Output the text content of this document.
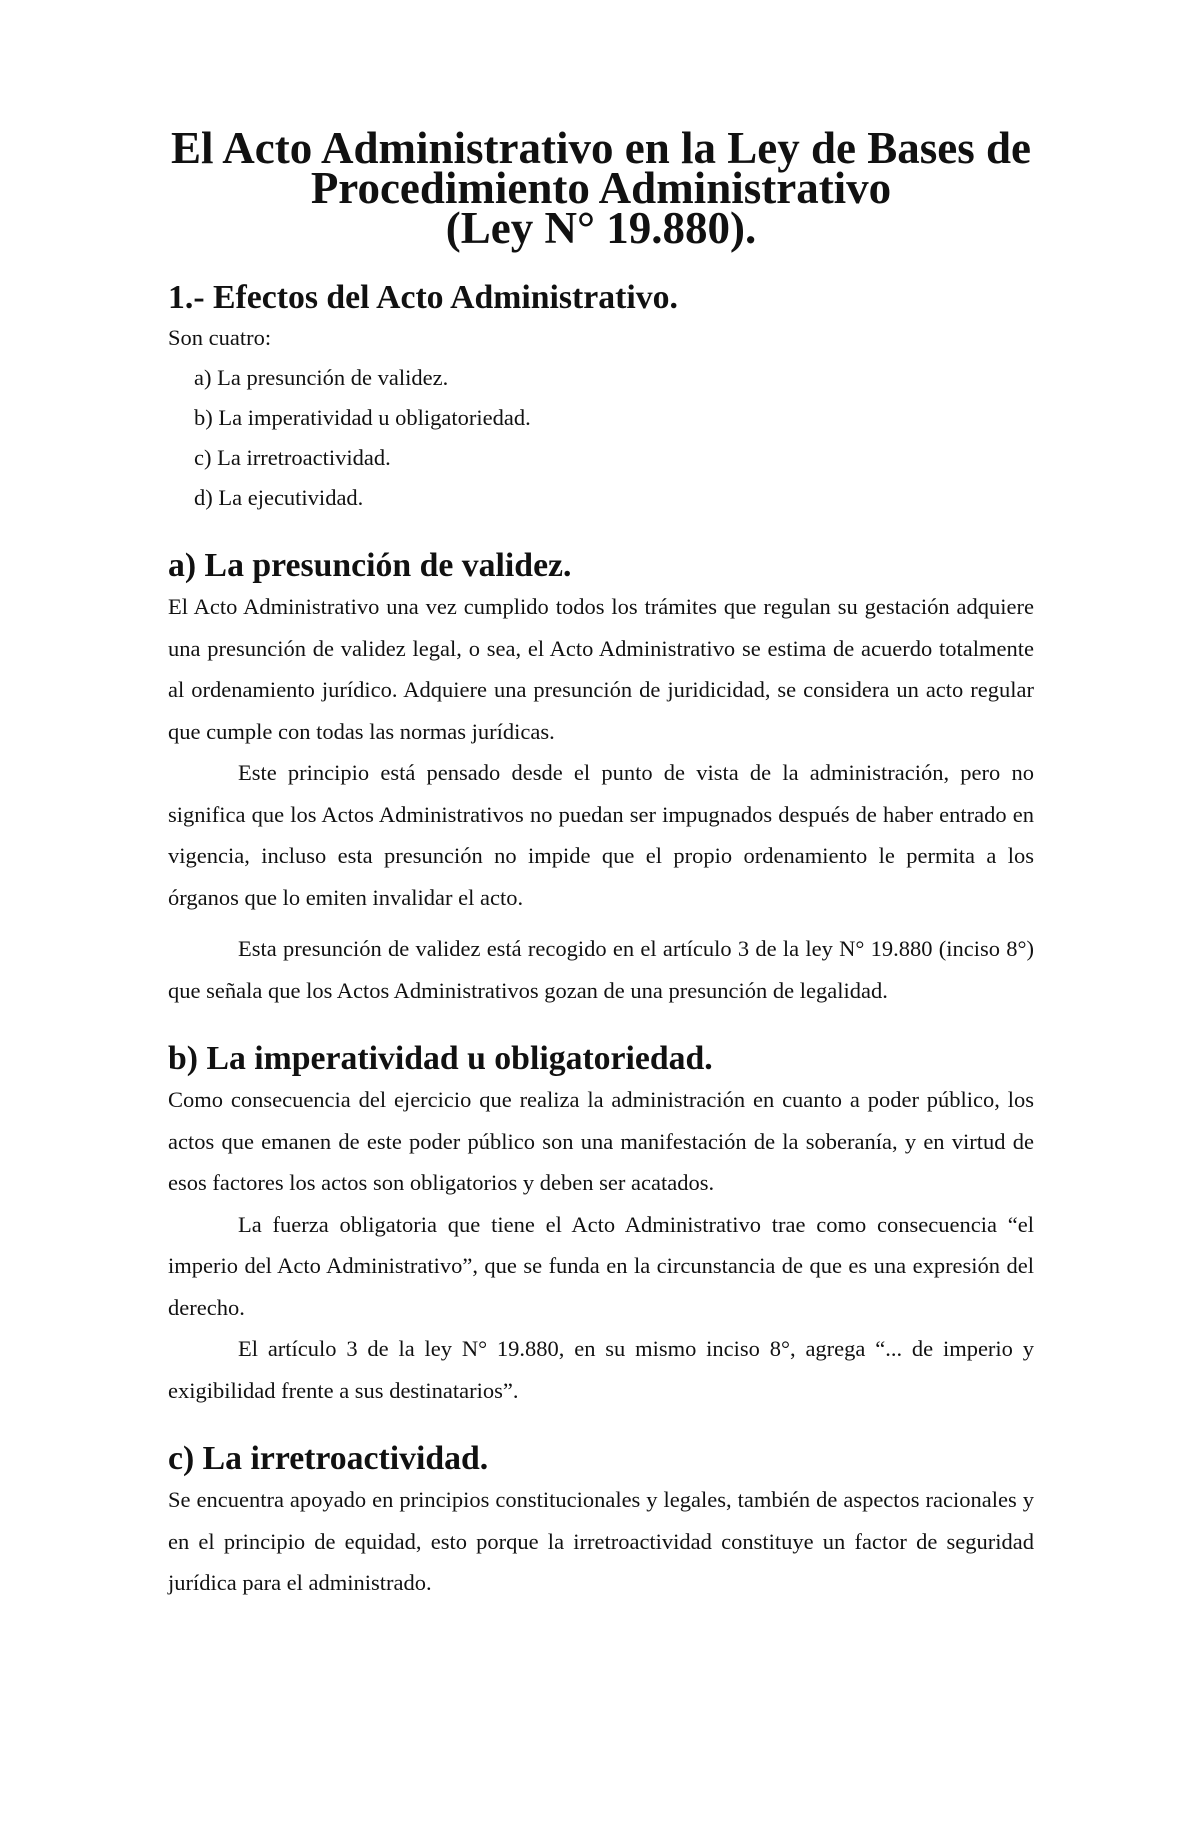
El Acto Administrativo en la Ley de Bases de Procedimiento Administrativo
(Ley N° 19.880).
1.- Efectos del Acto Administrativo.

Son cuatro:

a) La presunción de validez.
b) La imperatividad u obligatoriedad.
c) La irretroactividad.
d) La ejecutividad.
a) La presunción de validez.

El Acto Administrativo una vez cumplido todos los trámites que regulan su gestación adquiere una presunción de validez legal, o sea, el Acto Administrativo se estima de acuerdo totalmente al ordenamiento jurídico. Adquiere una presunción de juridicidad, se considera un acto regular que cumple con todas las normas jurídicas.

Este principio está pensado desde el punto de vista de la administración, pero no significa que los Actos Administrativos no puedan ser impugnados después de haber entrado en vigencia, incluso esta presunción no impide que el propio ordenamiento le permita a los órganos que lo emiten invalidar el acto.

Esta presunción de validez está recogido en el artículo 3 de la ley N° 19.880 (inciso 8°) que señala que los Actos Administrativos gozan de una presunción de legalidad.

b) La imperatividad u obligatoriedad.

Como consecuencia del ejercicio que realiza la administración en cuanto a poder público, los actos que emanen de este poder público son una manifestación de la soberanía, y en virtud de esos factores los actos son obligatorios y deben ser acatados.

La fuerza obligatoria que tiene el Acto Administrativo trae como consecuencia “el imperio del Acto Administrativo”, que se funda en la circunstancia de que es una expresión del derecho.

El artículo 3 de la ley N° 19.880, en su mismo inciso 8°, agrega “... de imperio y exigibilidad frente a sus destinatarios”.

c) La irretroactividad.

Se encuentra apoyado en principios constitucionales y legales, también de aspectos racionales y en el principio de equidad, esto porque la irretroactividad constituye un factor de seguridad jurídica para el administrado.
